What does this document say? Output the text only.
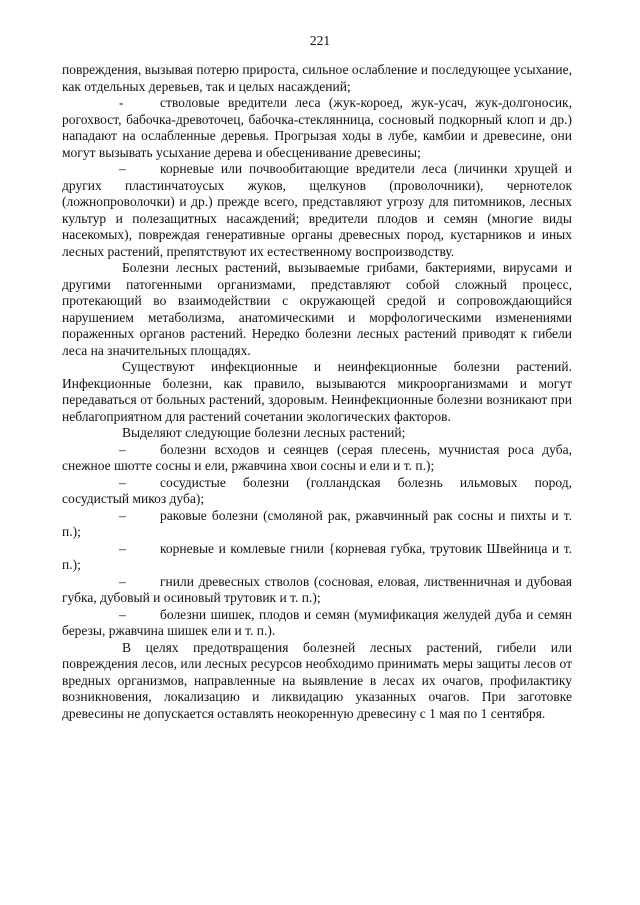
221

повреждения, вызывая потерю прироста, сильное ослабление и последующее усыхание, как отдельных деревьев, так и целых насаждений;

-	стволовые вредители леса (жук-короед, жук-усач, жук-долгоносик, рогохвост, бабочка-древоточец, бабочка-стеклянница, сосновый подкорный клоп и др.) нападают на ослабленные деревья. Прогрызая ходы в лубе, камбии и древесине, они могут вызывать усыхание дерева и обесценивание древесины;

–	корневые или почвообитающие вредители леса (личинки хрущей и других пластинчатоусых жуков, щелкунов (проволочники), чернотелок (ложнопроволочки) и др.) прежде всего, представляют угрозу для питомников, лесных культур и полезащитных насаждений; вредители плодов и семян (многие виды насекомых), повреждая генеративные органы древесных пород, кустарников и иных лесных растений, препятствуют их естественному воспроизводству.

Болезни лесных растений, вызываемые грибами, бактериями, вирусами и другими патогенными организмами, представляют собой сложный процесс, протекающий во взаимодействии с окружающей средой и сопровождающийся нарушением метаболизма, анатомическими и морфологическими изменениями пораженных органов растений. Нередко болезни лесных растений приводят к гибели леса на значительных площадях.

Существуют инфекционные и неинфекционные болезни растений. Инфекционные болезни, как правило, вызываются микроорганизмами и могут передаваться от больных растений, здоровым. Неинфекционные болезни возникают при неблагоприятном для растений сочетании экологических факторов.

Выделяют следующие болезни лесных растений;

–	болезни всходов и сеянцев (серая плесень, мучнистая роса дуба, снежное шютте сосны и ели, ржавчина хвои сосны и ели и т. п.);

–	сосудистые болезни (голландская болезнь ильмовых пород, сосудистый микоз дуба);

–	раковые болезни (смоляной рак, ржавчинный рак сосны и пихты и т. п.);

–	корневые и комлевые гнили {корневая губка, трутовик Швейница и т. п.);

–	гнили древесных стволов (сосновая, еловая, лиственничная и дубовая губка, дубовый и осиновый трутовик и т. п.);

–	болезни шишек, плодов и семян (мумификация желудей дуба и семян березы, ржавчина шишек ели и т. п.).

В целях предотвращения болезней лесных растений, гибели или повреждения лесов, или лесных ресурсов необходимо принимать меры защиты лесов от вредных организмов, направленные на выявление в лесах их очагов, профилактику возникновения, локализацию и ликвидацию указанных очагов. При заготовке древесины не допускается оставлять неокоренную древесину с 1 мая по 1 сентября.
